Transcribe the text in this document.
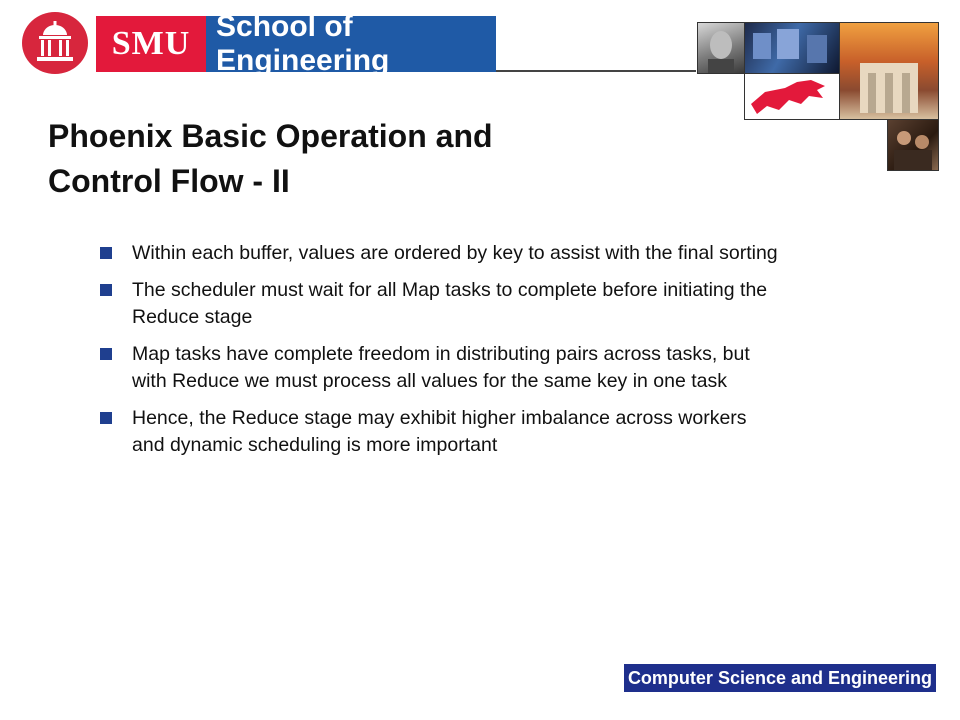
SMU School of Engineering
Phoenix Basic Operation and
Control Flow - II
Within each buffer, values are ordered by key to assist with the final sorting
The scheduler must wait for all Map tasks to complete before initiating the Reduce stage
Map tasks have complete freedom in distributing pairs across tasks, but with Reduce we must process all values for the same key in one task
Hence, the Reduce stage may exhibit higher imbalance across workers and dynamic scheduling is more important
Computer Science and Engineering
